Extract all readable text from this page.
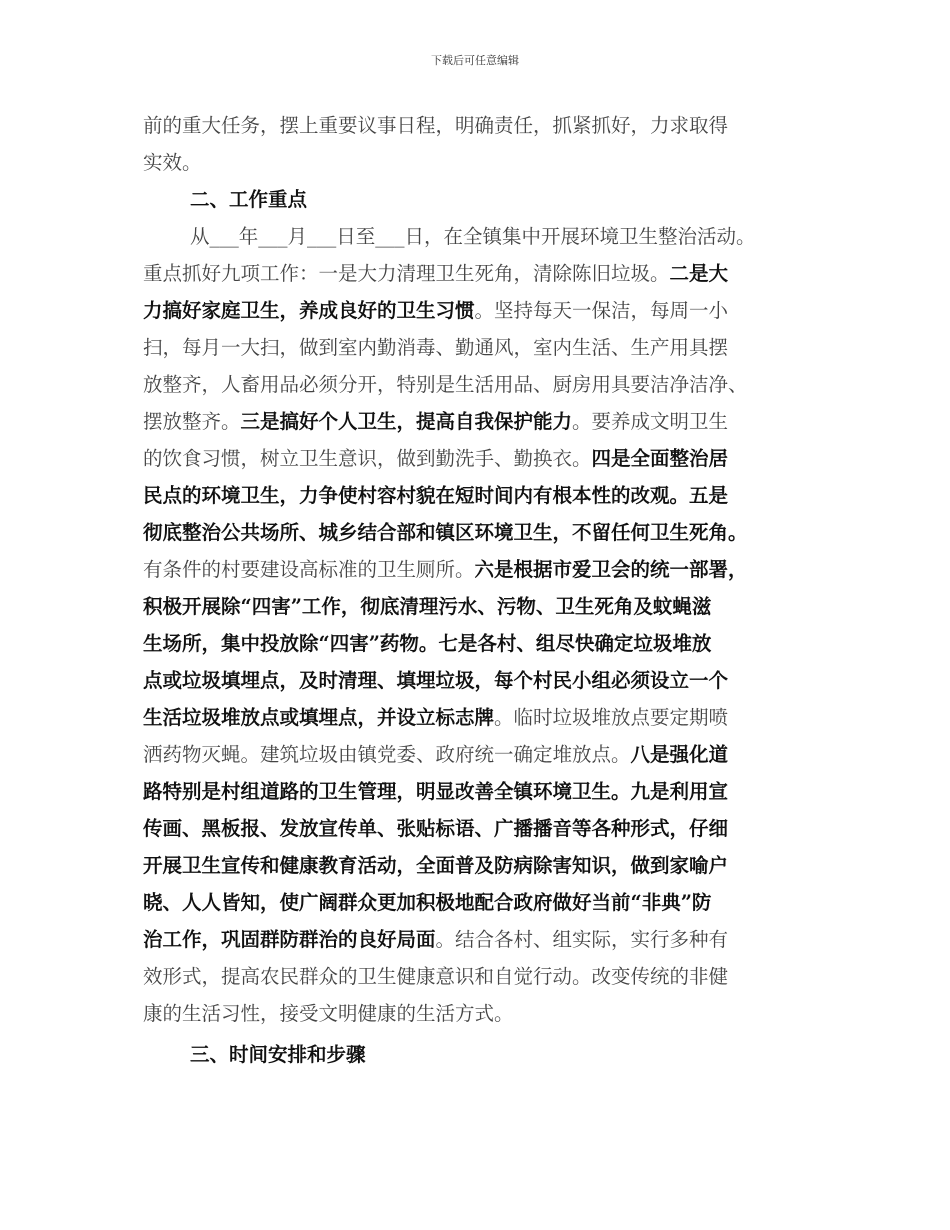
下载后可任意编辑
前的重大任务，摆上重要议事日程，明确责任，抓紧抓好，力求取得
实效。
二、工作重点
从___年___月___日至___日，在全镇集中开展环境卫生整治活动。
重点抓好九项工作：一是大力清理卫生死角，清除陈旧垃圾。二是大
力搞好家庭卫生，养成良好的卫生习惯。坚持每天一保洁，每周一小
扫，每月一大扫，做到室内勤消毒、勤通风，室内生活、生产用具摆
放整齐，人畜用品必须分开，特别是生活用品、厨房用具要洁净洁净、
摆放整齐。三是搞好个人卫生，提高自我保护能力。要养成文明卫生
的饮食习惯，树立卫生意识，做到勤洗手、勤换衣。四是全面整治居
民点的环境卫生，力争使村容村貌在短时间内有根本性的改观。五是
彻底整治公共场所、城乡结合部和镇区环境卫生，不留任何卫生死角。
有条件的村要建设高标准的卫生厕所。六是根据市爱卫会的统一部署，
积极开展除“四害”工作，彻底清理污水、污物、卫生死角及蚊蝇滋
生场所，集中投放除“四害”药物。七是各村、组尽快确定垃圾堆放
点或垃圾填埋点，及时清理、填埋垃圾，每个村民小组必须设立一个
生活垃圾堆放点或填埋点，并设立标志牌。临时垃圾堆放点要定期喷
洒药物灭蝇。建筑垃圾由镇党委、政府统一确定堆放点。八是强化道
路特别是村组道路的卫生管理，明显改善全镇环境卫生。九是利用宣
传画、黑板报、发放宣传单、张贴标语、广播播音等各种形式，仔细
开展卫生宣传和健康教育活动，全面普及防病除害知识，做到家喻户
晓、人人皆知，使广阔群众更加积极地配合政府做好当前“非典”防
治工作，巩固群防群治的良好局面。结合各村、组实际，实行多种有
效形式，提高农民群众的卫生健康意识和自觉行动。改变传统的非健
康的生活习性，接受文明健康的生活方式。
三、时间安排和步骤
